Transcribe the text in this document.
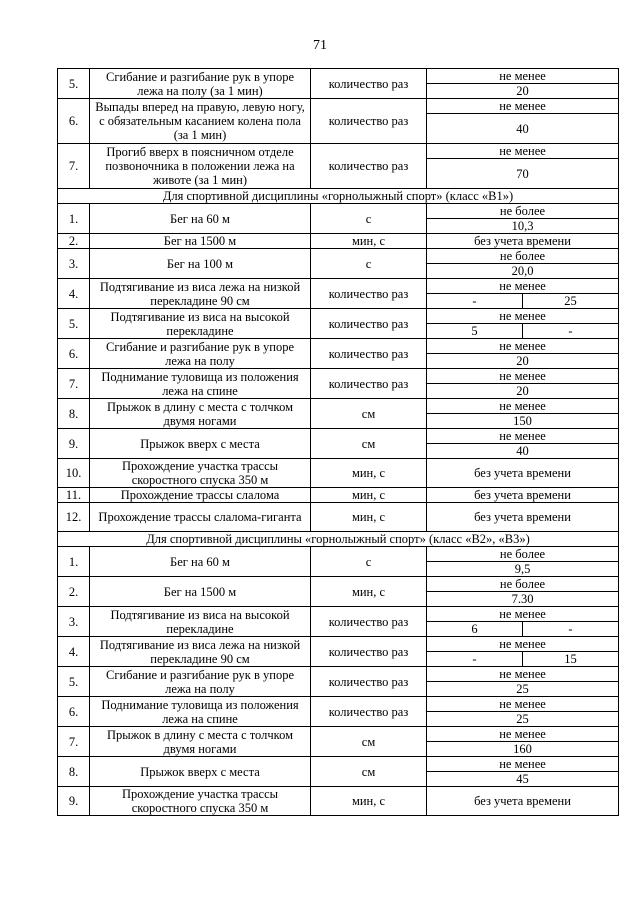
71
5.	Сгибание и разгибание рук в упоре лежа на полу (за 1 мин)	количество раз	не менее	
			20	
6.	Выпады вперед на правую, левую ногу, с обязательным касанием колена пола (за 1 мин)	количество раз	не менее	
			40	
7.	Прогиб вверх в поясничном отделе позвоночника в положении лежа на животе (за 1 мин)	количество раз	не менее	
			70	
Для спортивной дисциплины «горнолыжный спорт» (класс «В1»)				
1.	Бег на 60 м	с	не более	
			10,3	
2.	Бег на 1500 м	мин, с	без учета времени	
3.	Бег на 100 м	с	не более	
			20,0	
4.	Подтягивание из виса лежа на низкой перекладине 90 см	количество раз	не менее	
			-	25
5.	Подтягивание из виса на высокой перекладине	количество раз	не менее	
			5	-
6.	Сгибание и разгибание рук в упоре лежа на полу	количество раз	не менее	
			20	
7.	Поднимание туловища из положения лежа на спине	количество раз	не менее	
			20	
8.	Прыжок в длину с места с толчком двумя ногами	см	не менее	
			150	
9.	Прыжок вверх с места	см	не менее	
			40	
10.	Прохождение участка трассы скоростного спуска 350 м	мин, с	без учета времени	
11.	Прохождение трассы слалома	мин, с	без учета времени	
12.	Прохождение трассы слалома-гиганта	мин, с	без учета времени	
Для спортивной дисциплины «горнолыжный спорт» (класс «В2», «В3»)				
1.	Бег на 60 м	с	не более	
			9,5	
2.	Бег на 1500 м	мин, с	не более	
			7.30	
3.	Подтягивание из виса на высокой перекладине	количество раз	не менее	
			6	-
4.	Подтягивание из виса лежа на низкой перекладине 90 см	количество раз	не менее	
			-	15
5.	Сгибание и разгибание рук в упоре лежа на полу	количество раз	не менее	
			25	
6.	Поднимание туловища из положения лежа на спине	количество раз	не менее	
			25	
7.	Прыжок в длину с места с толчком двумя ногами	см	не менее	
			160	
8.	Прыжок вверх с места	см	не менее	
			45	
9.	Прохождение участка трассы скоростного спуска 350 м	мин, с	без учета времени	
